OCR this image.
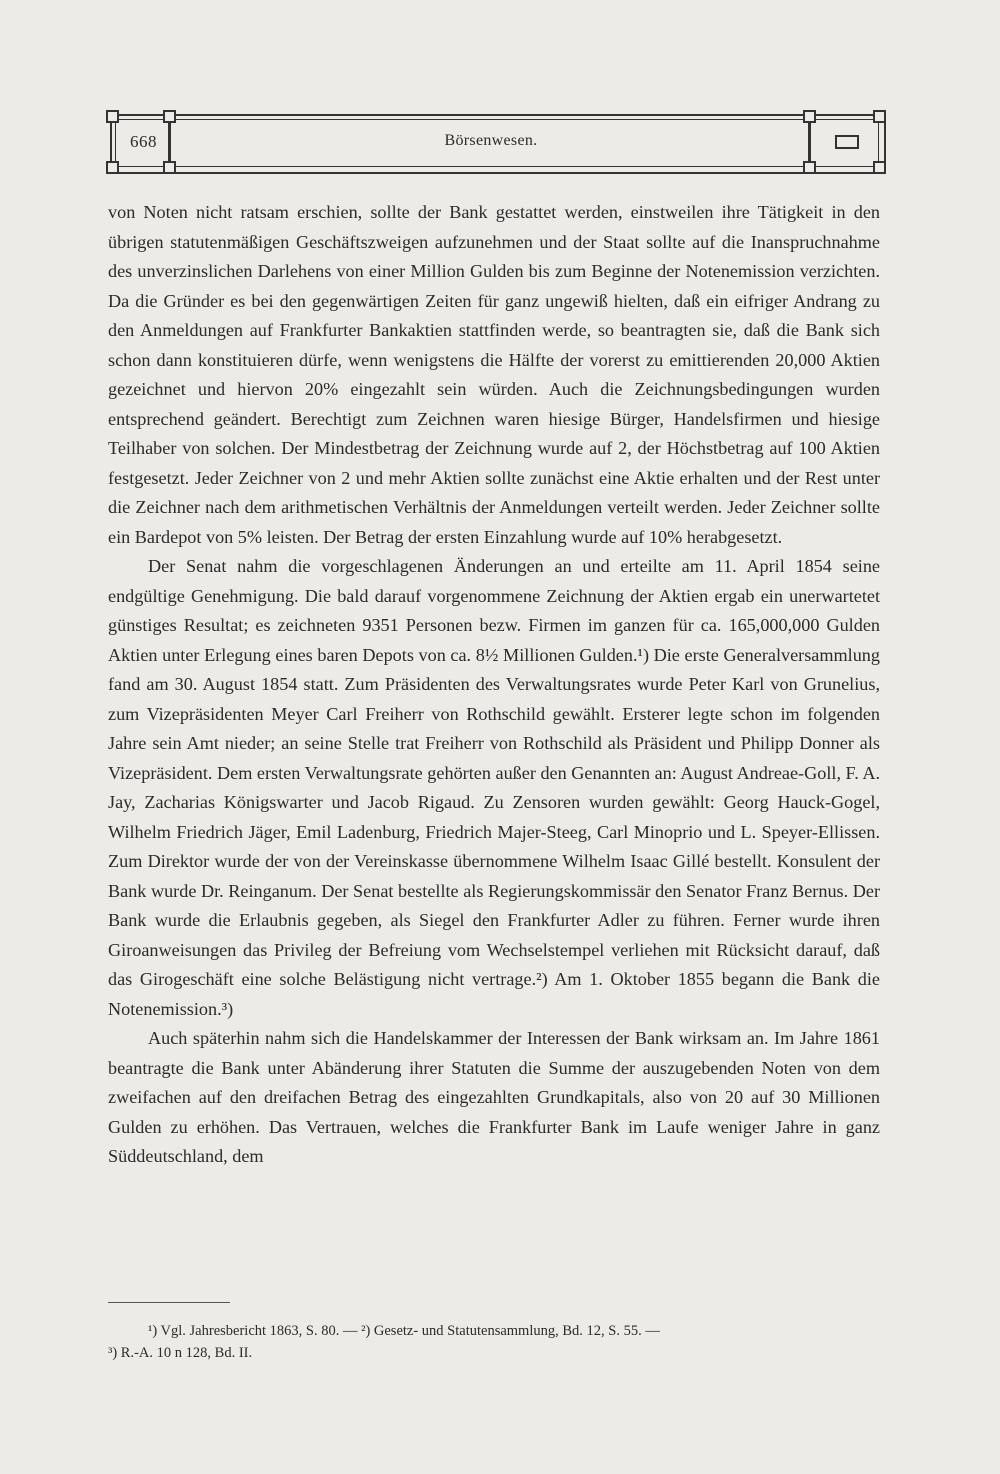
668	Börsenwesen.

von Noten nicht ratsam erschien, sollte der Bank gestattet werden, einstweilen ihre Tätigkeit in den übrigen statutenmäßigen Geschäftszweigen aufzunehmen und der Staat sollte auf die Inanspruchnahme des unverzinslichen Darlehens von einer Million Gulden bis zum Beginne der Notenemission verzichten. Da die Gründer es bei den gegenwärtigen Zeiten für ganz ungewiß hielten, daß ein eifriger Andrang zu den Anmeldungen auf Frankfurter Bankaktien stattfinden werde, so beantragten sie, daß die Bank sich schon dann konstituieren dürfe, wenn wenigstens die Hälfte der vorerst zu emittierenden 20,000 Aktien gezeichnet und hiervon 20% eingezahlt sein würden. Auch die Zeichnungsbedingungen wurden entsprechend geändert. Berechtigt zum Zeichnen waren hiesige Bürger, Handelsfirmen und hiesige Teilhaber von solchen. Der Mindestbetrag der Zeichnung wurde auf 2, der Höchstbetrag auf 100 Aktien festgesetzt. Jeder Zeichner von 2 und mehr Aktien sollte zunächst eine Aktie erhalten und der Rest unter die Zeichner nach dem arithmetischen Verhältnis der Anmeldungen verteilt werden. Jeder Zeichner sollte ein Bardepot von 5% leisten. Der Betrag der ersten Einzahlung wurde auf 10% herabgesetzt.

Der Senat nahm die vorgeschlagenen Änderungen an und erteilte am 11. April 1854 seine endgültige Genehmigung. Die bald darauf vorgenommene Zeichnung der Aktien ergab ein unerwartetet günstiges Resultat; es zeichneten 9351 Personen bezw. Firmen im ganzen für ca. 165,000,000 Gulden Aktien unter Erlegung eines baren Depots von ca. 8½ Millionen Gulden.¹) Die erste Generalversammlung fand am 30. August 1854 statt. Zum Präsidenten des Verwaltungsrates wurde Peter Karl von Grunelius, zum Vizepräsidenten Meyer Carl Freiherr von Rothschild gewählt. Ersterer legte schon im folgenden Jahre sein Amt nieder; an seine Stelle trat Freiherr von Rothschild als Präsident und Philipp Donner als Vizepräsident. Dem ersten Verwaltungsrate gehörten außer den Genannten an: August Andreae-Goll, F. A. Jay, Zacharias Königswarter und Jacob Rigaud. Zu Zensoren wurden gewählt: Georg Hauck-Gogel, Wilhelm Friedrich Jäger, Emil Ladenburg, Friedrich Majer-Steeg, Carl Minoprio und L. Speyer-Ellissen. Zum Direktor wurde der von der Vereinskasse übernommene Wilhelm Isaac Gillé bestellt. Konsulent der Bank wurde Dr. Reinganum. Der Senat bestellte als Regierungskommissär den Senator Franz Bernus. Der Bank wurde die Erlaubnis gegeben, als Siegel den Frankfurter Adler zu führen. Ferner wurde ihren Giroanweisungen das Privileg der Befreiung vom Wechselstempel verliehen mit Rücksicht darauf, daß das Girogeschäft eine solche Belästigung nicht vertrage.²) Am 1. Oktober 1855 begann die Bank die Notenemission.³)

Auch späterhin nahm sich die Handelskammer der Interessen der Bank wirksam an. Im Jahre 1861 beantragte die Bank unter Abänderung ihrer Statuten die Summe der auszugebenden Noten von dem zweifachen auf den dreifachen Betrag des eingezahlten Grundkapitals, also von 20 auf 30 Millionen Gulden zu erhöhen. Das Vertrauen, welches die Frankfurter Bank im Laufe weniger Jahre in ganz Süddeutschland, dem

¹) Vgl. Jahresbericht 1863, S. 80. — ²) Gesetz- und Statutensammlung, Bd. 12, S. 55. —

³) R.-A. 10 n 128, Bd. II.
